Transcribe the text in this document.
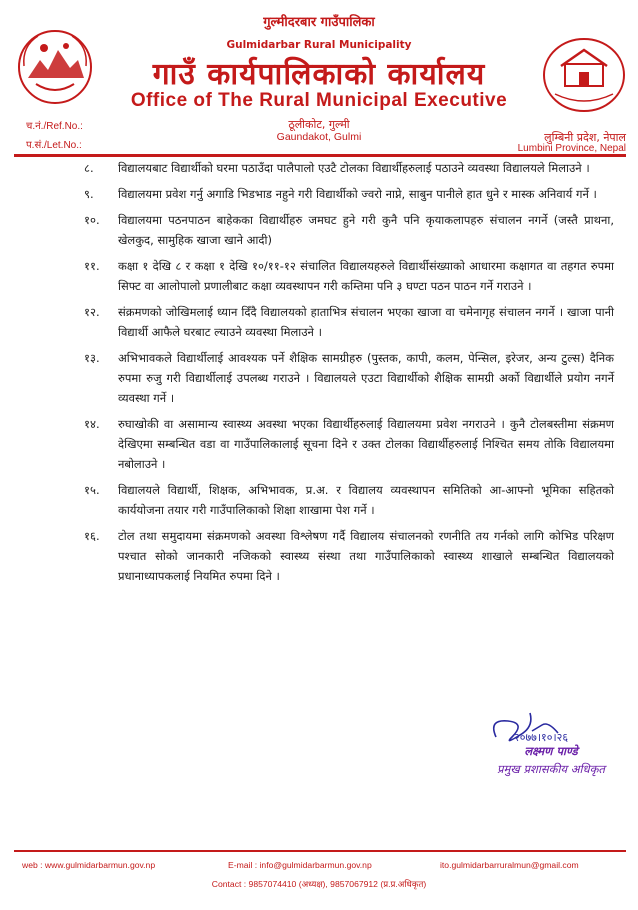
गुल्मीदरबार गाउँपालिका
Gulmidarbar Rural Municipality
गाउँ कार्यपालिकाको कार्यालय
Office of The Rural Municipal Executive
ठूलीकोट, गुल्मी
Gaundakot, Gulmi
च.नं./Ref.No.:
प.सं./Let.No.:
लुम्बिनी प्रदेश, नेपाल
Lumbini Province, Nepal
८. विद्यालयबाट विद्यार्थीको घरमा पठाउँदा पालैपालो एउटै टोलका विद्यार्थीहरुलाई पठाउने व्यवस्था विद्यालयले मिलाउने ।
९. विद्यालयमा प्रवेश गर्नु अगाडि भिडभाड नहुने गरी विद्यार्थीको ज्वरो नाप्ने, साबुन पानीले हात धुने र मास्क अनिवार्य गर्ने ।
१०. विद्यालयमा पठनपाठन बाहेकका विद्यार्थीहरु जमघट हुने गरी कुनै पनि कृयाकलापहरु संचालन नगर्ने (जस्तै प्राथना, खेलकुद, सामुहिक खाजा खाने आदी)
११. कक्षा १ देखि ८ र कक्षा १ देखि १०/११-१२ संचालित विद्यालयहरुले विद्यार्थीसंख्याको आधारमा कक्षागत वा तहगत रुपमा सिफ्ट वा आलोपालो प्रणालीबाट कक्षा व्यवस्थापन गरी कम्तिमा पनि ३ घण्टा पठन पाठन गर्ने गराउने ।
१२. संक्रमणको जोखिमलाई ध्यान दिँदै विद्यालयको हाताभित्र संचालन भएका खाजा वा चमेनागृह संचालन नगर्ने । खाजा पानी विद्यार्थी आफैले घरबाट ल्याउने व्यवस्था मिलाउने ।
१३. अभिभावकले विद्यार्थीलाई आवश्यक पर्ने शैक्षिक सामग्रीहरु (पुस्तक, कापी, कलम, पेन्सिल, इरेजर, अन्य टुल्स) दैनिक रुपमा रुजु गरी विद्यार्थीलाई उपलब्ध गराउने । विद्यालयले एउटा विद्यार्थीको शैक्षिक सामग्री अर्को विद्यार्थीले प्रयोग नगर्ने व्यवस्था गर्ने ।
१४. रुघाखोकी वा असामान्य स्वास्थ्य अवस्था भएका विद्यार्थीहरुलाई विद्यालयमा प्रवेश नगराउने । कुनै टोलबस्तीमा संक्रमण देखिएमा सम्बन्धित वडा वा गाउँपालिकालाई सूचना दिने र उक्त टोलका विद्यार्थीहरुलाई निश्चित समय तोकि विद्यालयमा नबोलाउने ।
१५. विद्यालयले विद्यार्थी, शिक्षक, अभिभावक, प्र.अ. र विद्यालय व्यवस्थापन समितिको आ-आफ्नो भूमिका सहितको कार्ययोजना तयार गरी गाउँपालिकाको शिक्षा शाखामा पेश गर्ने ।
१६. टोल तथा समुदायमा संक्रमणको अवस्था विश्लेषण गर्दै विद्यालय संचालनको रणनीति तय गर्नको लागि कोभिड परिक्षण पश्चात सोको जानकारी नजिकको स्वास्थ्य संस्था तथा गाउँपालिकाको स्वास्थ्य शाखाले सम्बन्धित विद्यालयको प्रधानाध्यापकलाई नियमित रुपमा दिने ।
२०७७।१०।२६
लक्ष्मण पाण्डे
प्रमुख प्रशासकीय अधिकृत
web : www.gulmidarbarmun.gov.np	E-mail : info@gulmidarbarmun.gov.np	ito.gulmidarbarruralmun@gmail.com
Contact : 9857074410 (अध्यक्ष), 9857067912 (प्र.प्र.अधिकृत)
